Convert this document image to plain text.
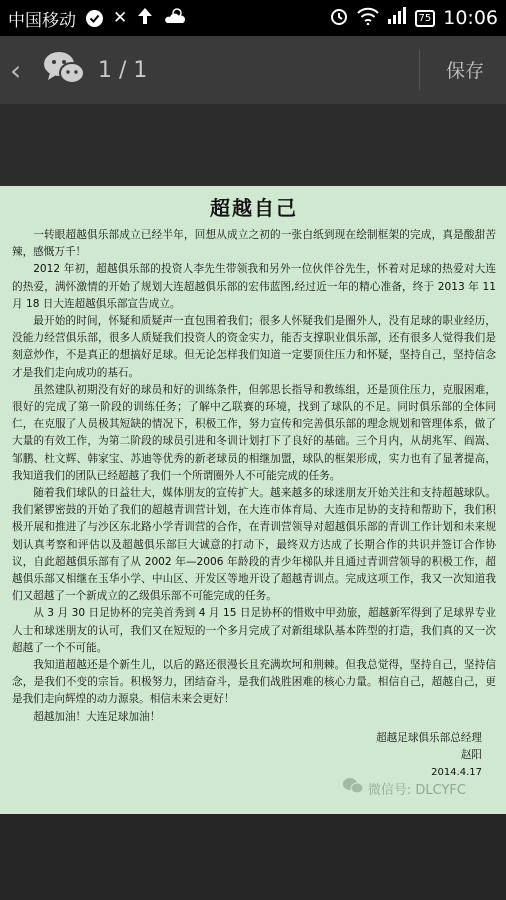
中国移动 ✕	75 10:06
‹	1 / 1	保存
超越自己

一转眼超越俱乐部成立已经半年，回想从成立之初的一张白纸到现在绘制框架的完成，真是酸甜苦辣，感慨万千！

2012 年初，超越俱乐部的投资人李先生带领我和另外一位伙伴谷先生，怀着对足球的热爱对大连的热爱，满怀激情的开始了规划大连超越俱乐部的宏伟蓝图,经过近一年的精心准备，终于 2013 年 11 月 18 日大连超越俱乐部宣告成立。

最开始的时间，怀疑和质疑声一直包围着我们；很多人怀疑我们是圈外人，没有足球的职业经历，没能力经营俱乐部，很多人质疑我们投资人的资金实力，能否支撑职业俱乐部，还有很多人觉得我们是刻意炒作，不是真正的想搞好足球。但无论怎样我们知道一定要顶住压力和怀疑，坚持自己，坚持信念才是我们走向成功的基石。

虽然建队初期没有好的球员和好的训练条件，但郭思长指导和教练组，还是顶住压力，克服困难，很好的完成了第一阶段的训练任务；了解中乙联赛的环境，找到了球队的不足。同时俱乐部的全体同仁，在克服了人员极其短缺的情况下，积极工作，努力宣传和完善俱乐部的理念规划和管理体系，做了大量的有效工作，为第二阶段的球员引进和冬训计划打下了良好的基础。三个月内，从胡兆军、阎嵩、邹鹏、杜文辉、韩家宝、苏迪等优秀的新老球员的相继加盟，球队的框架形成，实力也有了显著提高，我知道我们的团队已经超越了我们一个所谓圈外人不可能完成的任务。

随着我们球队的日益壮大，媒体朋友的宣传扩大。越来越多的球迷朋友开始关注和支持超越球队。我们紧锣密鼓的开始了我们的超越青训营计划，在大连市体育局、大连市足协的支持和帮助下，我们积极开展和推进了与沙区东北路小学青训营的合作，在青训营领导对超越俱乐部的青训工作计划和未来规划认真考察和评估以及超越俱乐部巨大诚意的打动下，最终双方达成了长期合作的共识并签订合作协议，自此超越俱乐部有了从 2002 年—2006 年龄段的青少年梯队并且通过青训营领导的积极工作，超越俱乐部又相继在玉华小学、中山区、开发区等地开设了超越青训点。完成这项工作，我又一次知道我们又超越了一个新成立的乙级俱乐部不可能完成的任务。

从 3 月 30 日足协杯的完美首秀到 4 月 15 日足协杯的惜败中甲劲旅，超越新军得到了足球界专业人士和球迷朋友的认可，我们又在短短的一个多月完成了对新组球队基本阵型的打造，我们真的又一次超越了一个不可能。

我知道超越还是个新生儿，以后的路还很漫长且充满坎坷和荆棘。但我总觉得，坚持自己，坚持信念，是我们不变的宗旨。积极努力，团结奋斗，是我们战胜困难的核心力量。相信自己，超越自己，更是我们走向辉煌的动力源泉。相信未来会更好！

超越加油！大连足球加油！

超越足球俱乐部总经理
赵阳
2014.4.17
微信号: DLCYFC
